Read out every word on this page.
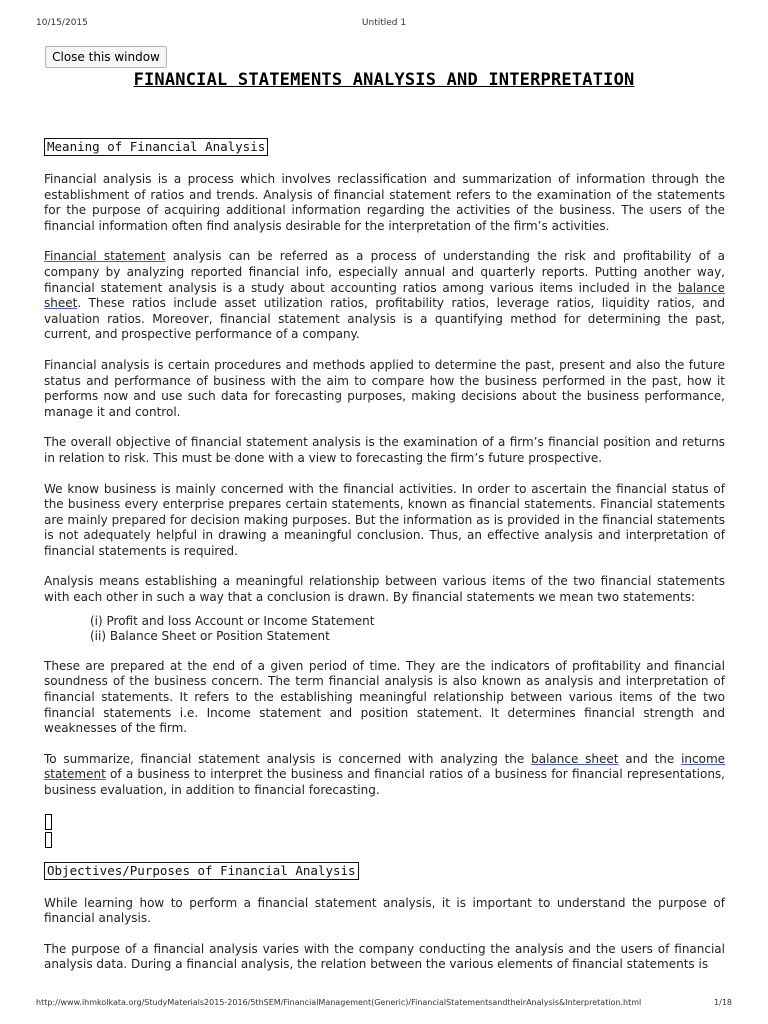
10/15/2015	Untitled 1
Close this window
FINANCIAL STATEMENTS ANALYSIS AND INTERPRETATION
Meaning of Financial Analysis

Financial analysis is a process which involves reclassification and summarization of information through the establishment of ratios and trends. Analysis of financial statement refers to the examination of the statements for the purpose of acquiring additional information regarding the activities of the business. The users of the financial information often find analysis desirable for the interpretation of the firm’s activities.

Financial statement analysis can be referred as a process of understanding the risk and profitability of a company by analyzing reported financial info, especially annual and quarterly reports. Putting another way, financial statement analysis is a study about accounting ratios among various items included in the balance sheet. These ratios include asset utilization ratios, profitability ratios, leverage ratios, liquidity ratios, and valuation ratios. Moreover, financial statement analysis is a quantifying method for determining the past, current, and prospective performance of a company.

Financial analysis is certain procedures and methods applied to determine the past, present and also the future status and performance of business with the aim to compare how the business performed in the past, how it performs now and use such data for forecasting purposes, making decisions about the business performance, manage it and control.

The overall objective of financial statement analysis is the examination of a firm’s financial position and returns in relation to risk. This must be done with a view to forecasting the firm’s future prospective.

We know business is mainly concerned with the financial activities. In order to ascertain the financial status of the business every enterprise prepares certain statements, known as financial statements. Financial statements are mainly prepared for decision making purposes. But the information as is provided in the financial statements is not adequately helpful in drawing a meaningful conclusion. Thus, an effective analysis and interpretation of financial statements is required.

Analysis means establishing a meaningful relationship between various items of the two financial statements with each other in such a way that a conclusion is drawn. By financial statements we mean two statements:

(i) Profit and loss Account or Income Statement
(ii) Balance Sheet or Position Statement

These are prepared at the end of a given period of time. They are the indicators of profitability and financial soundness of the business concern. The term financial analysis is also known as analysis and interpretation of financial statements. It refers to the establishing meaningful relationship between various items of the two financial statements i.e. Income statement and position statement. It determines financial strength and weaknesses of the firm.

To summarize, financial statement analysis is concerned with analyzing the balance sheet and the income statement of a business to interpret the business and financial ratios of a business for financial representations, business evaluation, in addition to financial forecasting.

Objectives/Purposes of Financial Analysis

While learning how to perform a financial statement analysis, it is important to understand the purpose of financial analysis.

The purpose of a financial analysis varies with the company conducting the analysis and the users of financial analysis data. During a financial analysis, the relation between the various elements of financial statements is

http://www.ihmkolkata.org/StudyMaterials2015-2016/5thSEM/FinancialManagement(Generic)/FinancialStatementsandtheirAnalysis&Interpretation.html	1/18
